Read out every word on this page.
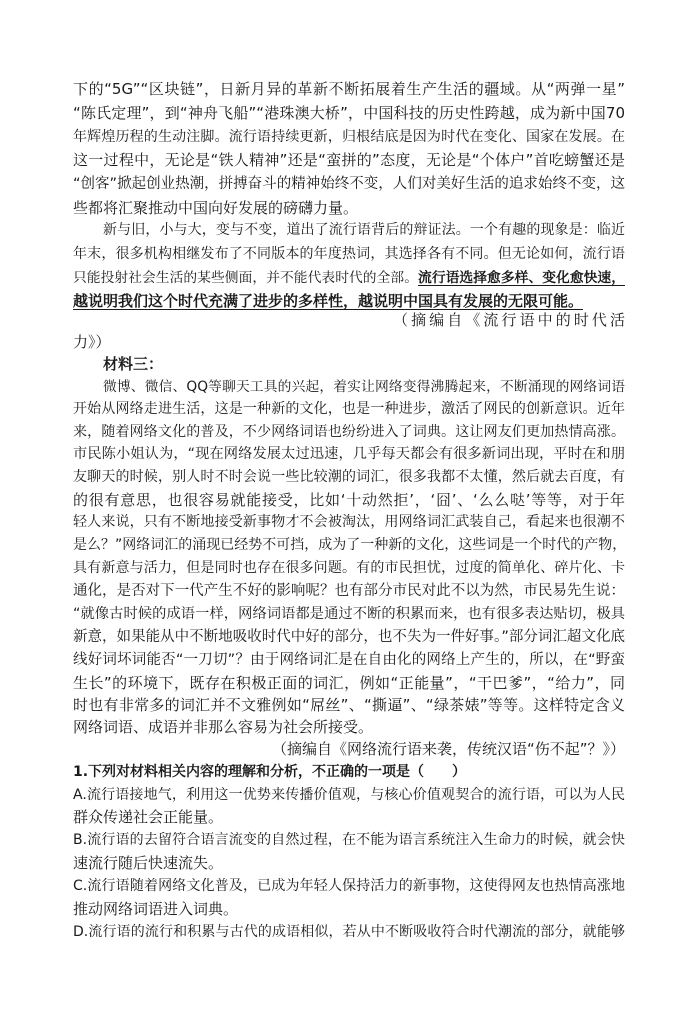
下的“5G”“区块链”，日新月异的革新不断拓展着生产生活的疆域。从“两弹一星”
“陈氏定理”，到“神舟飞船”“港珠澳大桥”，中国科技的历史性跨越，成为新中国70
年辉煌历程的生动注脚。流行语持续更新，归根结底是因为时代在变化、国家在发展。在
这一过程中，无论是“铁人精神”还是“蛮拼的”态度，无论是“个体户”首吃螃蟹还是
“创客”掀起创业热潮，拼搏奋斗的精神始终不变，人们对美好生活的追求始终不变，这
些都将汇聚推动中国向好发展的磅礴力量。
新与旧，小与大，变与不变，道出了流行语背后的辩证法。一个有趣的现象是：临近
年末，很多机构相继发布了不同版本的年度热词，其选择各有不同。但无论如何，流行语
只能投射社会生活的某些侧面，并不能代表时代的全部。流行语选择愈多样、变化愈快速，
越说明我们这个时代充满了进步的多样性，越说明中国具有发展的无限可能。
（摘编自《流行语中的时代活
力》）
材料三：
微博、微信、QQ等聊天工具的兴起，着实让网络变得沸腾起来，不断涌现的网络词语
开始从网络走进生活，这是一种新的文化，也是一种进步，激活了网民的创新意识。近年
来，随着网络文化的普及，不少网络词语也纷纷进入了词典。这让网友们更加热情高涨。
市民陈小姐认为，“现在网络发展太过迅速，几乎每天都会有很多新词出现，平时在和朋
友聊天的时候，别人时不时会说一些比较潮的词汇，很多我都不太懂，然后就去百度，有
的很有意思，也很容易就能接受，比如‘十动然拒’，‘囧’、‘么么哒’等等，对于年
轻人来说，只有不断地接受新事物才不会被淘汰，用网络词汇武装自己，看起来也很潮不
是么？”网络词汇的涌现已经势不可挡，成为了一种新的文化，这些词是一个时代的产物，
具有新意与活力，但是同时也存在很多问题。有的市民担忧，过度的简单化、碎片化、卡
通化，是否对下一代产生不好的影响呢？也有部分市民对此不以为然，市民易先生说：
“就像古时候的成语一样，网络词语都是通过不断的积累而来，也有很多表达贴切，极具
新意，如果能从中不断地吸收时代中好的部分，也不失为一件好事。”部分词汇超文化底
线好词坏词能否“一刀切”？由于网络词汇是在自由化的网络上产生的，所以，在“野蛮
生长”的环境下，既存在积极正面的词汇，例如“正能量”，“干巴爹”，“给力”，同
时也有非常多的词汇并不文雅例如“屌丝”、“撕逼”、“绿茶婊”等等。这样特定含义
网络词语、成语并非那么容易为社会所接受。
（摘编自《网络流行语来袭，传统汉语“伤不起”？》）
1.下列对材料相关内容的理解和分析，不正确的一项是（　　）
A.流行语接地气，利用这一优势来传播价值观，与核心价值观契合的流行语，可以为人民
群众传递社会正能量。
B.流行语的去留符合语言流变的自然过程，在不能为语言系统注入生命力的时候，就会快
速流行随后快速流失。
C.流行语随着网络文化普及，已成为年轻人保持活力的新事物，这使得网友也热情高涨地
推动网络词语进入词典。
D.流行语的流行和积累与古代的成语相似，若从中不断吸收符合时代潮流的部分，就能够
